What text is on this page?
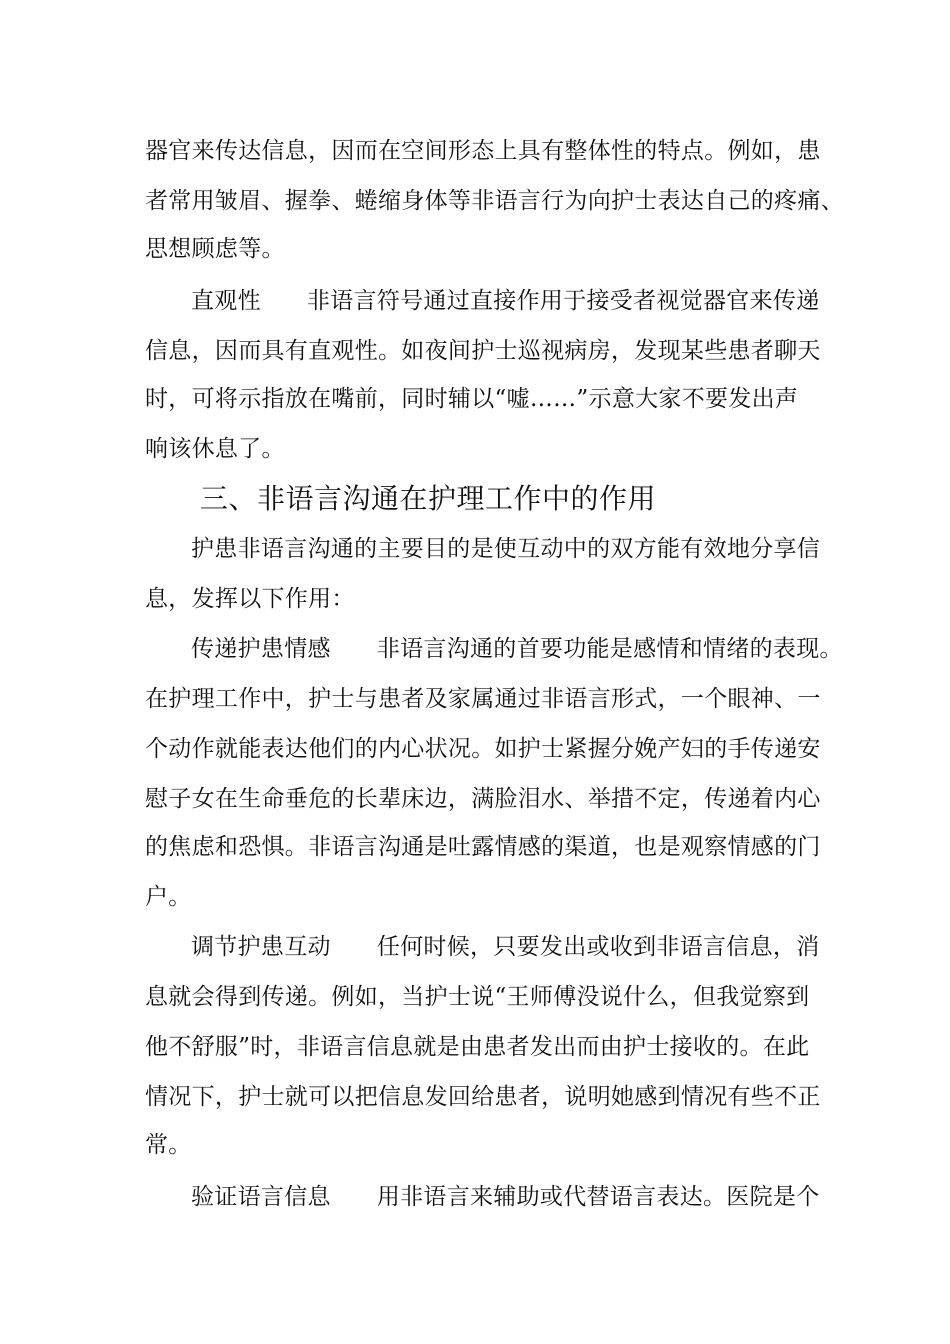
器官来传达信息，因而在空间形态上具有整体性的特点。例如，患
者常用皱眉、握拳、蜷缩身体等非语言行为向护士表达自己的疼痛、
思想顾虑等。
直观性 非语言符号通过直接作用于接受者视觉器官来传递
信息，因而具有直观性。如夜间护士巡视病房，发现某些患者聊天
时，可将示指放在嘴前，同时辅以“嘘……”示意大家不要发出声
响该休息了。
三、非语言沟通在护理工作中的作用
护患非语言沟通的主要目的是使互动中的双方能有效地分享信
息，发挥以下作用：
传递护患情感 非语言沟通的首要功能是感情和情绪的表现。
在护理工作中，护士与患者及家属通过非语言形式，一个眼神、一
个动作就能表达他们的内心状况。如护士紧握分娩产妇的手传递安
慰子女在生命垂危的长辈床边，满脸泪水、举措不定，传递着内心
的焦虑和恐惧。非语言沟通是吐露情感的渠道，也是观察情感的门
户。
调节护患互动 任何时候，只要发出或收到非语言信息，消
息就会得到传递。例如，当护士说“王师傅没说什么，但我觉察到
他不舒服”时，非语言信息就是由患者发出而由护士接收的。在此
情况下，护士就可以把信息发回给患者，说明她感到情况有些不正
常。
验证语言信息 用非语言来辅助或代替语言表达。医院是个
